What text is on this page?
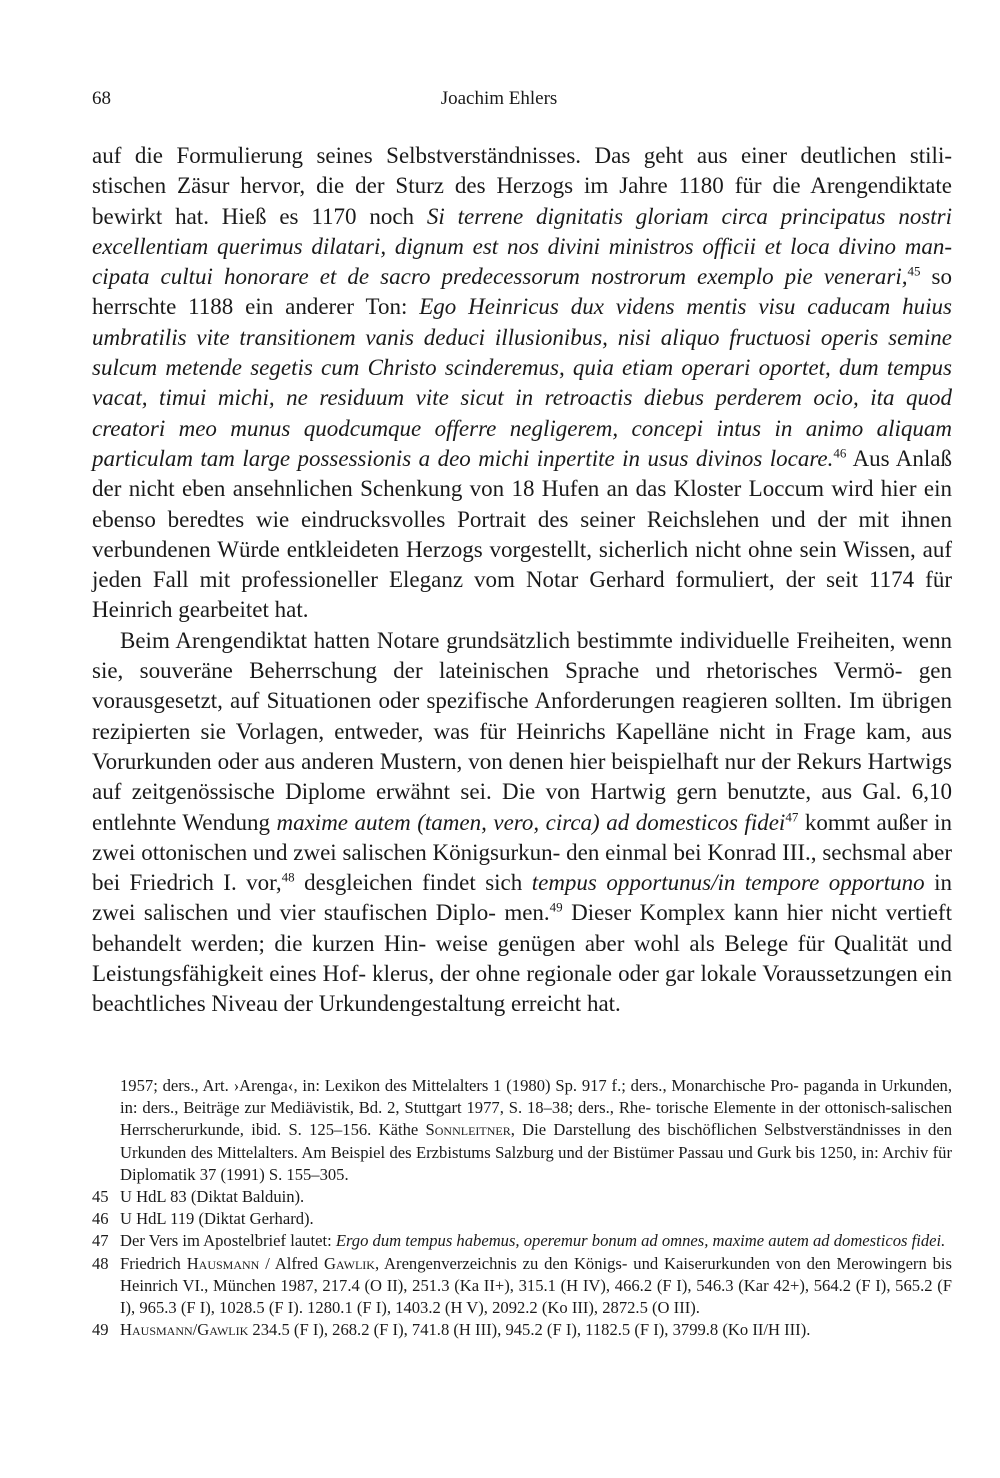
68	Joachim Ehlers

auf die Formulierung seines Selbstverständnisses. Das geht aus einer deutlichen stili- stischen Zäsur hervor, die der Sturz des Herzogs im Jahre 1180 für die Arengendiktate bewirkt hat. Hieß es 1170 noch Si terrene dignitatis gloriam circa principatus nostri excellentiam querimus dilatari, dignum est nos divini ministros officii et loca divino man- cipata cultui honorare et de sacro predecessorum nostrorum exemplo pie venerari,$^{45}$ so herrschte 1188 ein anderer Ton: Ego Heinricus dux videns mentis visu caducam huius umbratilis vite transitionem vanis deduci illusionibus, nisi aliquo fructuosi operis semine sulcum metende segetis cum Christo scinderemus, quia etiam operari oportet, dum tempus vacat, timui michi, ne residuum vite sicut in retroactis diebus perderem ocio, ita quod creatori meo munus quodcumque offerre negligerem, concepi intus in animo aliquam particulam tam large possessionis a deo michi inpertite in usus divinos locare.$^{46}$ Aus Anlaß der nicht eben ansehnlichen Schenkung von 18 Hufen an das Kloster Loccum wird hier ein ebenso beredtes wie eindrucksvolles Portrait des seiner Reichslehen und der mit ihnen verbundenen Würde entkleideten Herzogs vorgestellt, sicherlich nicht ohne sein Wissen, auf jeden Fall mit professioneller Eleganz vom Notar Gerhard formuliert, der seit 1174 für Heinrich gearbeitet hat.

Beim Arengendiktat hatten Notare grundsätzlich bestimmte individuelle Freiheiten, wenn sie, souveräne Beherrschung der lateinischen Sprache und rhetorisches Vermö- gen vorausgesetzt, auf Situationen oder spezifische Anforderungen reagieren sollten. Im übrigen rezipierten sie Vorlagen, entweder, was für Heinrichs Kapelläne nicht in Frage kam, aus Vorurkunden oder aus anderen Mustern, von denen hier beispielhaft nur der Rekurs Hartwigs auf zeitgenössische Diplome erwähnt sei. Die von Hartwig gern benutzte, aus Gal. 6,10 entlehnte Wendung maxime autem (tamen, vero, circa) ad domesticos fidei$^{47}$ kommt außer in zwei ottonischen und zwei salischen Königsurkun- den einmal bei Konrad III., sechsmal aber bei Friedrich I. vor,$^{48}$ desgleichen findet sich tempus opportunus/in tempore opportuno in zwei salischen und vier staufischen Diplo- men.$^{49}$ Dieser Komplex kann hier nicht vertieft behandelt werden; die kurzen Hin- weise genügen aber wohl als Belege für Qualität und Leistungsfähigkeit eines Hof- klerus, der ohne regionale oder gar lokale Voraussetzungen ein beachtliches Niveau der Urkundengestaltung erreicht hat.

1957; ders., Art. ›Arenga‹, in: Lexikon des Mittelalters 1 (1980) Sp. 917 f.; ders., Monarchische Pro- paganda in Urkunden, in: ders., Beiträge zur Mediävistik, Bd. 2, Stuttgart 1977, S. 18–38; ders., Rhe- torische Elemente in der ottonisch-salischen Herrscherurkunde, ibid. S. 125–156. Käthe Sonnleitner, Die Darstellung des bischöflichen Selbstverständnisses in den Urkunden des Mittelalters. Am Beispiel des Erzbistums Salzburg und der Bistümer Passau und Gurk bis 1250, in: Archiv für Diplomatik 37 (1991) S. 155–305.
45 U HdL 83 (Diktat Balduin).
46 U HdL 119 (Diktat Gerhard).
47 Der Vers im Apostelbrief lautet: Ergo dum tempus habemus, operemur bonum ad omnes, maxime autem ad domesticos fidei.
48 Friedrich Hausmann / Alfred Gawlik, Arengenverzeichnis zu den Königs- und Kaiserurkunden von den Merowingern bis Heinrich VI., München 1987, 217.4 (O II), 251.3 (Ka II+), 315.1 (H IV), 466.2 (F I), 546.3 (Kar 42+), 564.2 (F I), 565.2 (F I), 965.3 (F I), 1028.5 (F I). 1280.1 (F I), 1403.2 (H V), 2092.2 (Ko III), 2872.5 (O III).
49 Hausmann/Gawlik 234.5 (F I), 268.2 (F I), 741.8 (H III), 945.2 (F I), 1182.5 (F I), 3799.8 (Ko II/H III).
